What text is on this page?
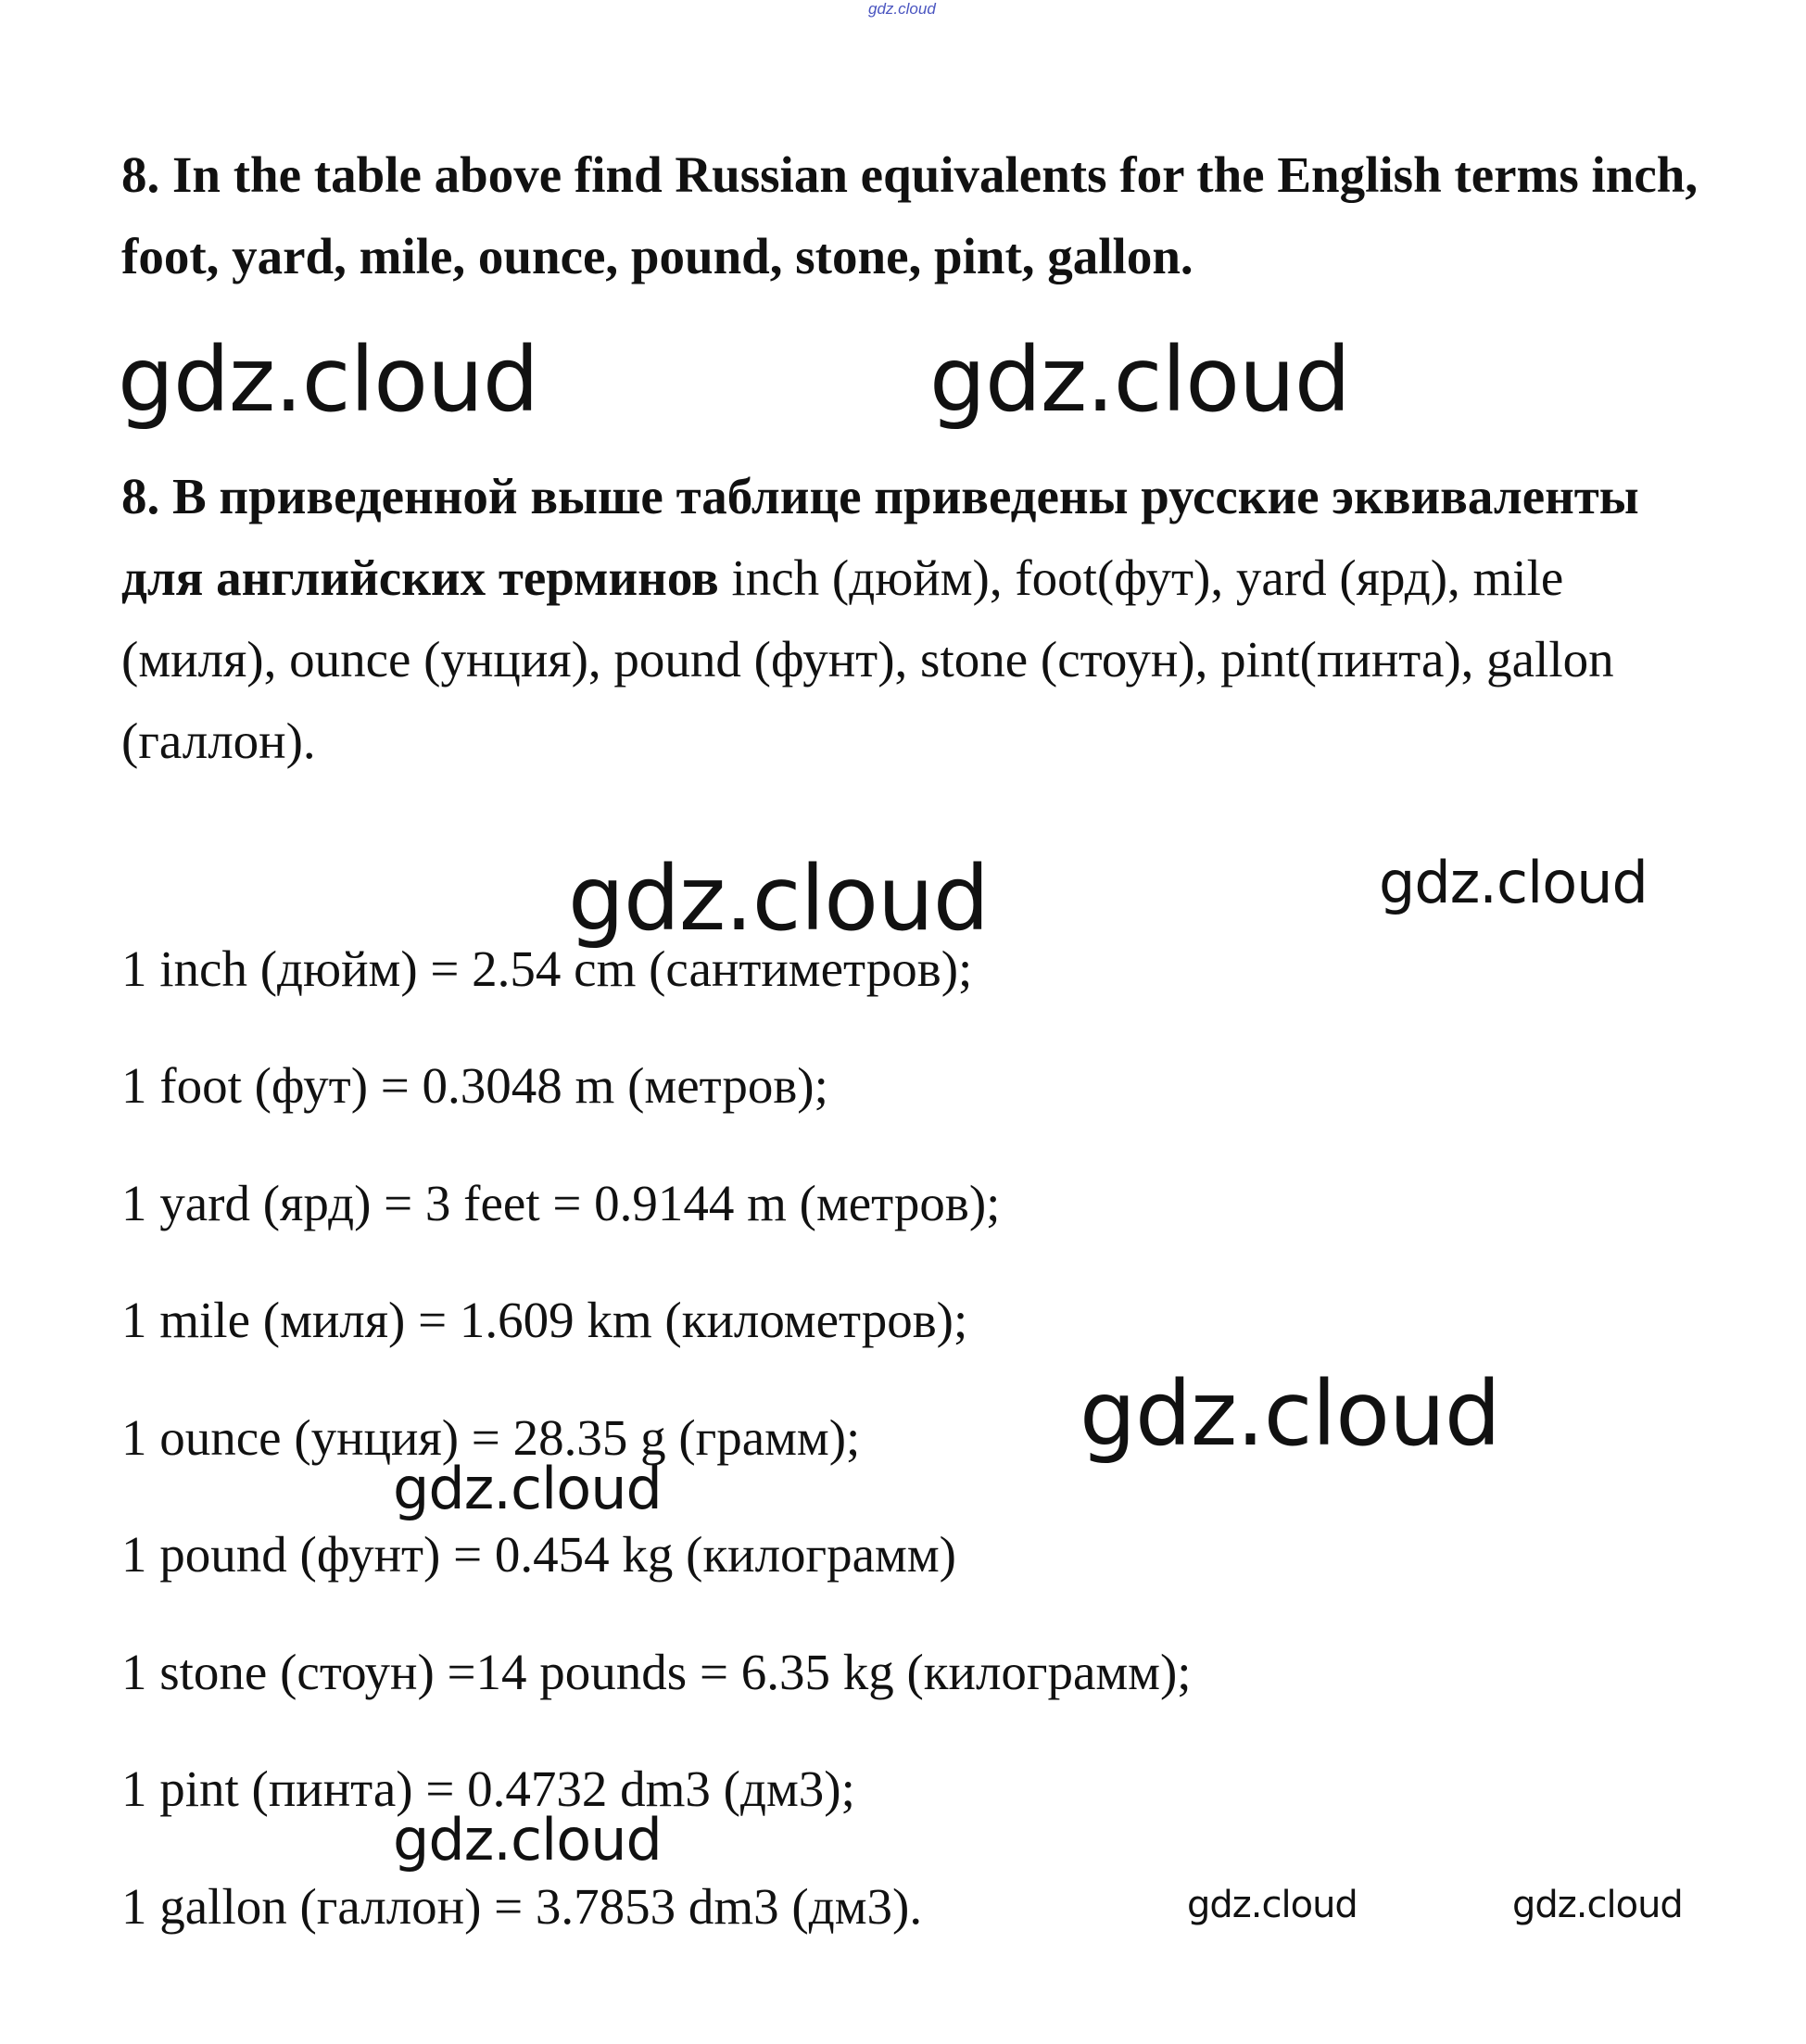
gdz.cloud

8. In the table above find Russian equivalents for the English terms inch, foot, yard, mile, ounce, pound, stone, pint, gallon.

8. В приведенной выше таблице приведены русские эквиваленты для английских терминов inch (дюйм), foot(фут), yard (ярд), mile (миля), ounce (унция), pound (фунт), stone (стоун), pint(пинта), gallon (галлон).

1 inch (дюйм) = 2.54 cm (сантиметров);
1 foot (фут) = 0.3048 m (метров);
1 yard (ярд) = 3 feet = 0.9144 m (метров);
1 mile (миля) = 1.609 km (километров);
1 ounce (унция) = 28.35 g (грамм);
1 pound (фунт) = 0.454 kg (килограмм)
1 stone (стоун) =14 pounds = 6.35 kg (килограмм);
1 pint (пинта) = 0.4732 dm3 (дм3);
1 gallon (галлон) = 3.7853 dm3 (дм3).
gdz.cloud	gdz.cloud
gdz.cloud	gdz.cloud
gdz.cloud
gdz.cloud
gdz.cloud
gdz.cloud	gdz.cloud
